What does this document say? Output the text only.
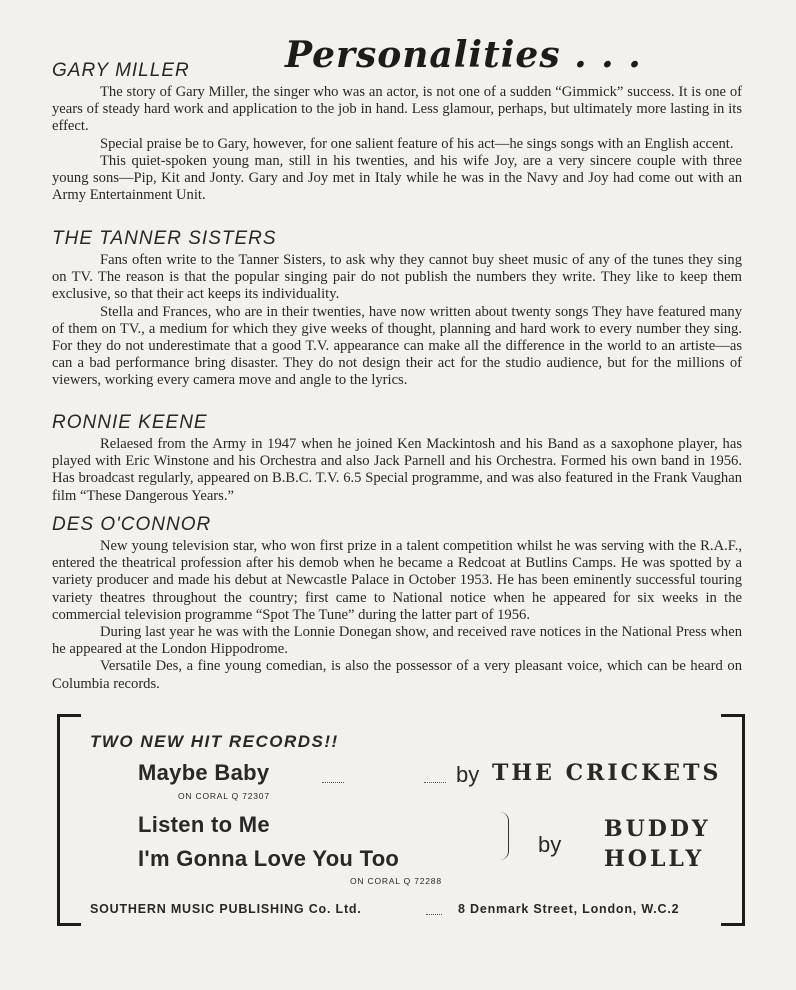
Personalities . . .
GARY MILLER

The story of Gary Miller, the singer who was an actor, is not one of a sudden “Gimmick” success. It is one of years of steady hard work and application to the job in hand. Less glamour, perhaps, but ultimately more lasting in its effect.

Special praise be to Gary, however, for one salient feature of his act—he sings songs with an English accent.

This quiet-spoken young man, still in his twenties, and his wife Joy, are a very sincere couple with three young sons—Pip, Kit and Jonty. Gary and Joy met in Italy while he was in the Navy and Joy had come out with an Army Entertainment Unit.

THE TANNER SISTERS

Fans often write to the Tanner Sisters, to ask why they cannot buy sheet music of any of the tunes they sing on TV. The reason is that the popular singing pair do not publish the numbers they write. They like to keep them exclusive, so that their act keeps its individuality.

Stella and Frances, who are in their twenties, have now written about twenty songs They have featured many of them on TV., a medium for which they give weeks of thought, planning and hard work to every number they sing. For they do not underestimate that a good T.V. appearance can make all the difference in the world to an artiste—as can a bad performance bring disaster. They do not design their act for the studio audience, but for the millions of viewers, working every camera move and angle to the lyrics.

RONNIE KEENE

Relaesed from the Army in 1947 when he joined Ken Mackintosh and his Band as a saxophone player, has played with Eric Winstone and his Orchestra and also Jack Parnell and his Orchestra. Formed his own band in 1956. Has broadcast regularly, appeared on B.B.C. T.V. 6.5 Special programme, and was also featured in the Frank Vaughan film “These Dangerous Years.”

DES O'CONNOR

New young television star, who won first prize in a talent competition whilst he was serving with the R.A.F., entered the theatrical profession after his demob when he became a Redcoat at Butlins Camps. He was spotted by a variety producer and made his debut at Newcastle Palace in October 1953. He has been eminently successful touring variety theatres throughout the country; first came to National notice when he appeared for six weeks in the commercial television programme “Spot The Tune” during the latter part of 1956.

During last year he was with the Lonnie Donegan show, and received rave notices in the National Press when he appeared at the London Hippodrome.

Versatile Des, a fine young comedian, is also the possessor of a very pleasant voice, which can be heard on Columbia records.

TWO NEW HIT RECORDS!!
Maybe Baby
ON CORAL Q 72307
by THE CRICKETS
Listen to Me
I'm Gonna Love You Too
ON CORAL Q 72288
by
BUDDY
HOLLY
SOUTHERN MUSIC PUBLISHING Co. Ltd.	8 Denmark Street, London, W.C.2
